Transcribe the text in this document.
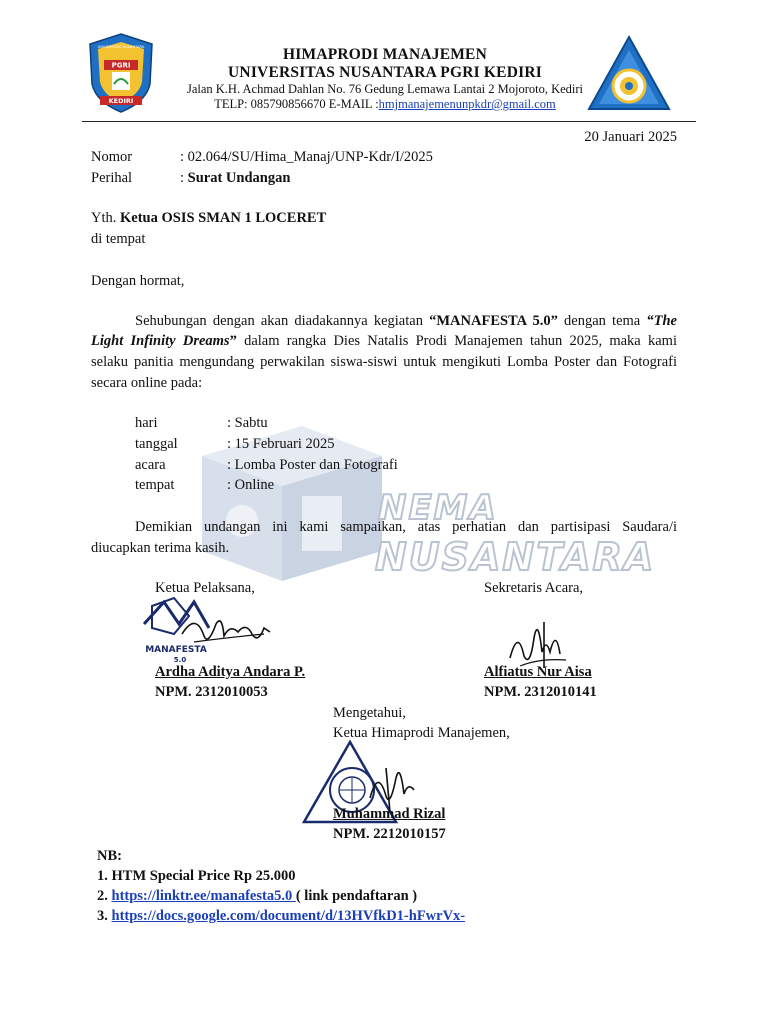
NEMA
NUSANTARA
PGRI
KEDIRI
UNIVERSITAS NUSANTARA	HIMAPRODI MANAJEMEN
UNIVERSITAS NUSANTARA PGRI KEDIRI
Jalan K.H. Achmad Dahlan No. 76 Gedung Lemawa Lantai 2 Mojoroto, Kediri
TELP: 085790856670 E-MAIL :hmjmanajemenunpkdr@gmail.com
20 Januari 2025
Nomor	: 02.064/SU/Hima_Manaj/UNP-Kdr/I/2025
Perihal	: Surat Undangan
Yth. Ketua OSIS SMAN 1 LOCERET
di tempat
Dengan hormat,
Sehubungan dengan akan diadakannya kegiatan “MANAFESTA 5.0” dengan tema “The
Light Infinity Dreams” dalam rangka Dies Natalis Prodi Manajemen tahun 2025, maka kami
selaku panitia mengundang perwakilan siswa-siswi untuk mengikuti Lomba Poster dan Fotografi
secara online pada:
hari	: Sabtu
tanggal	: 15 Februari 2025
acara	: Lomba Poster dan Fotografi
tempat	: Online
Demikian undangan ini kami sampaikan, atas perhatian dan partisipasi Saudara/i
diucapkan terima kasih.
Ketua Pelaksana,	Sekretaris Acara,
MANAFESTA
5.0
Ardha Aditya Andara P.
NPM. 2312010053
Alfiatus Nur Aisa
NPM. 2312010141
Mengetahui,
Ketua Himaprodi Manajemen,
Muhammad Rizal
NPM. 2212010157
NB:
1. HTM Special Price Rp 25.000
2. https://linktr.ee/manafesta5.0 ( link pendaftaran )
3. https://docs.google.com/document/d/13HVfkD1-hFwrVx-
